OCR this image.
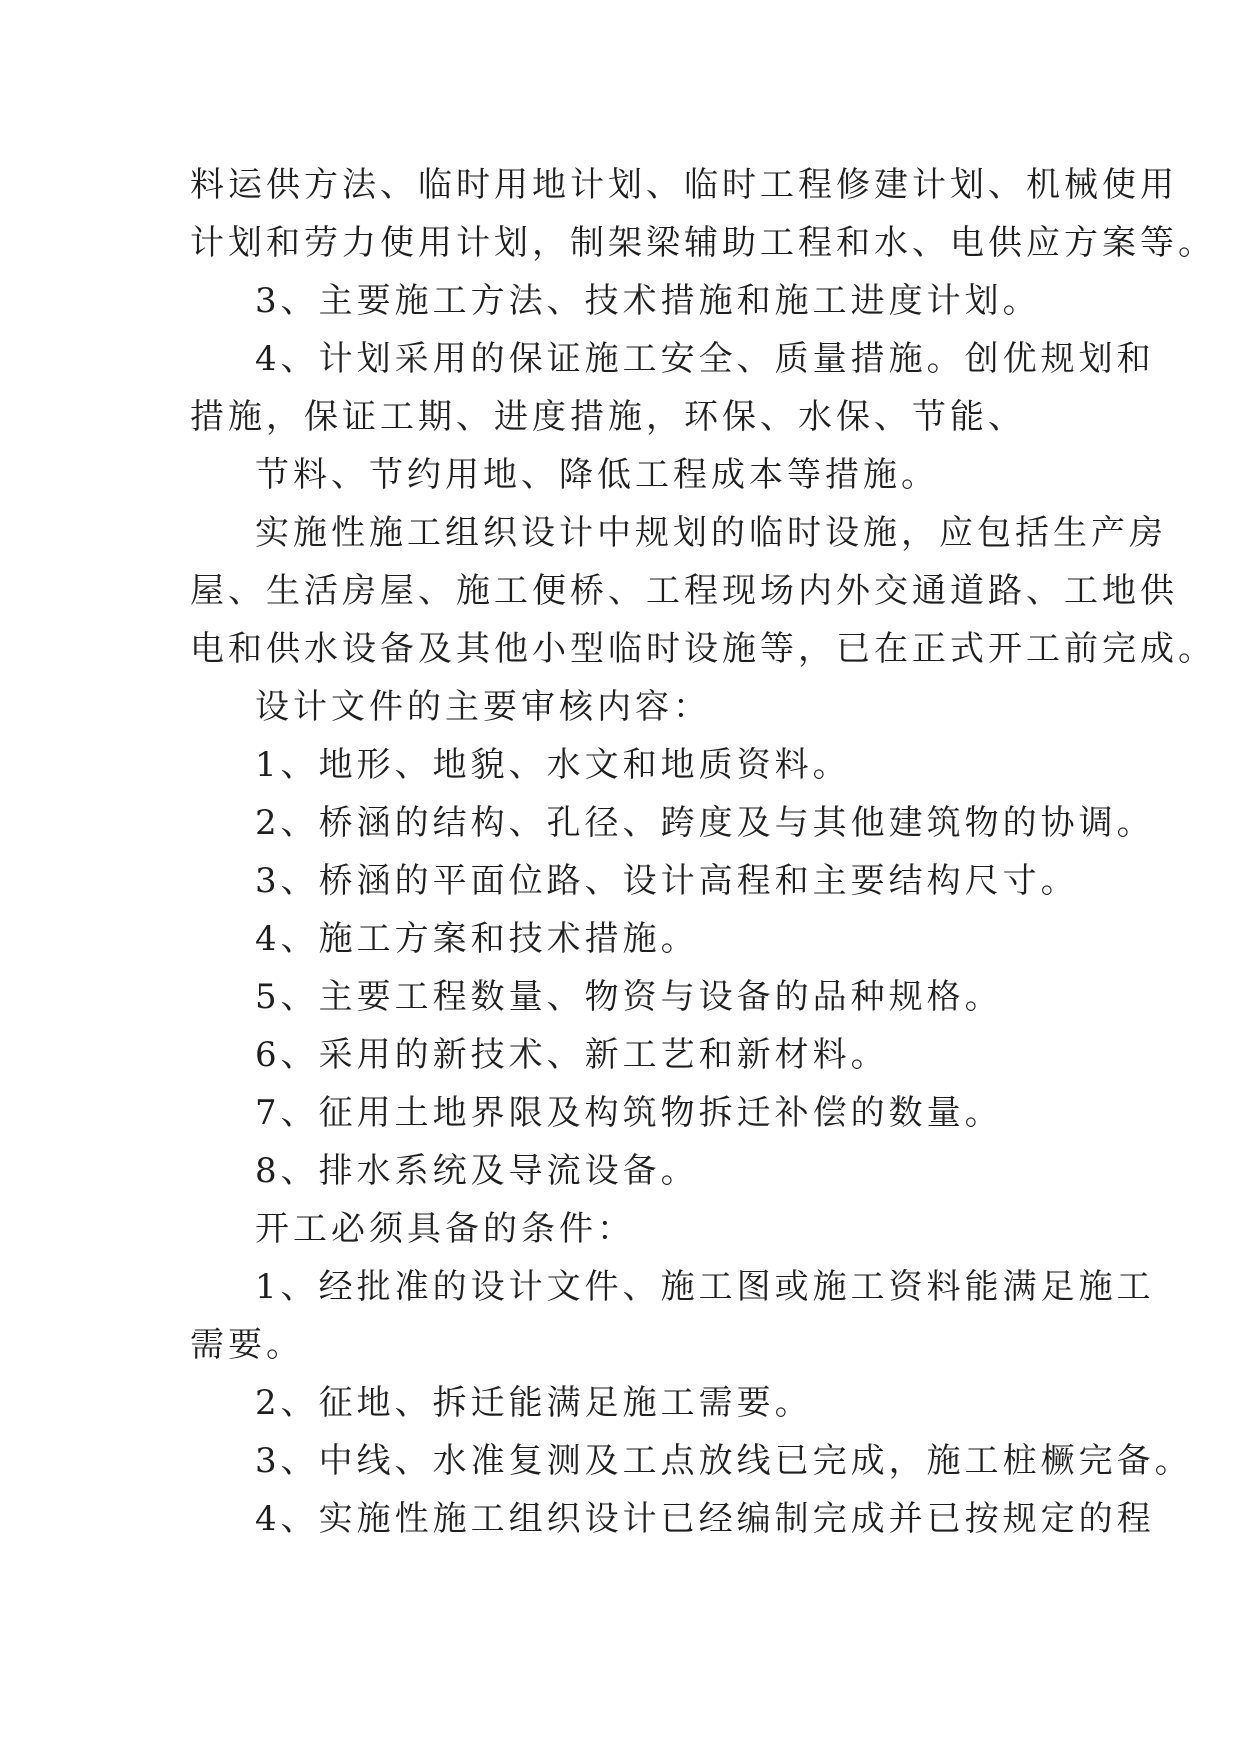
料运供方法、临时用地计划、临时工程修建计划、机械使用
计划和劳力使用计划，制架梁辅助工程和水、电供应方案等。
3、主要施工方法、技术措施和施工进度计划。
4、计划采用的保证施工安全、质量措施。创优规划和
措施，保证工期、进度措施，环保、水保、节能、
节料、节约用地、降低工程成本等措施。
实施性施工组织设计中规划的临时设施，应包括生产房
屋、生活房屋、施工便桥、工程现场内外交通道路、工地供
电和供水设备及其他小型临时设施等，已在正式开工前完成。
设计文件的主要审核内容：
1、地形、地貌、水文和地质资料。
2、桥涵的结构、孔径、跨度及与其他建筑物的协调。
3、桥涵的平面位路、设计高程和主要结构尺寸。
4、施工方案和技术措施。
5、主要工程数量、物资与设备的品种规格。
6、采用的新技术、新工艺和新材料。
7、征用土地界限及构筑物拆迁补偿的数量。
8、排水系统及导流设备。
开工必须具备的条件：
1、经批准的设计文件、施工图或施工资料能满足施工
需要。
2、征地、拆迁能满足施工需要。
3、中线、水准复测及工点放线已完成，施工桩橛完备。
4、实施性施工组织设计已经编制完成并已按规定的程
